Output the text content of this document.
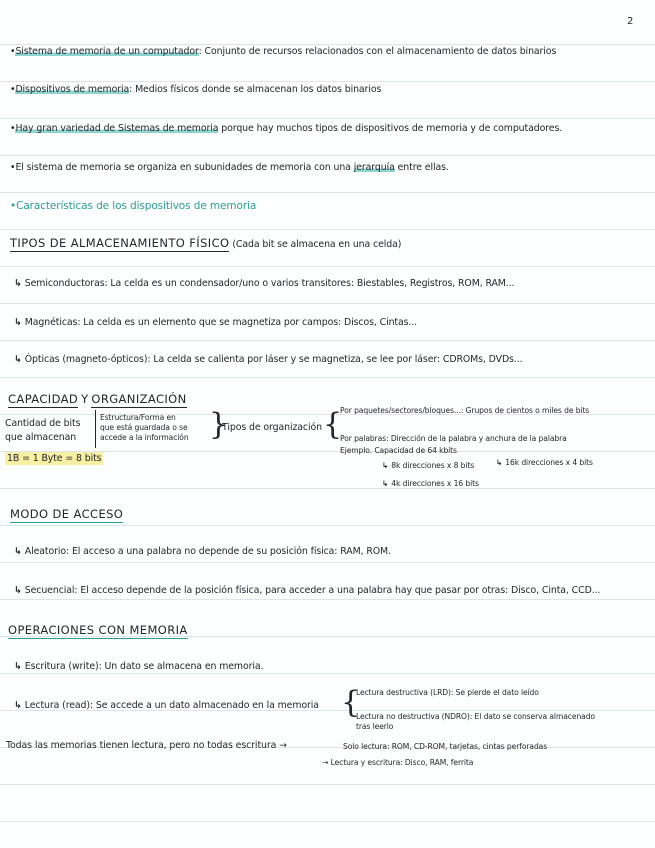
2
•Sistema de memoria de un computador: Conjunto de recursos relacionados con el almacenamiento de datos binarios
•Dispositivos de memoria: Medios físicos donde se almacenan los datos binarios
•Hay gran variedad de Sistemas de memoria porque hay muchos tipos de dispositivos de memoria y de computadores.
•El sistema de memoria se organiza en subunidades de memoria con una jerarquía entre ellas.
•Características de los dispositivos de memoria
TIPOS DE ALMACENAMIENTO FÍSICO (Cada bit se almacena en una celda)
↳ Semiconductoras: La celda es un condensador/uno o varios transitores: Biestables, Registros, ROM, RAM...
↳ Magnéticas: La celda es un elemento que se magnetiza por campos: Discos, Cintas...
↳ Ópticas (magneto-ópticos): La celda se calienta por láser y se magnetiza, se lee por láser: CDROMs, DVDs...
CAPACIDAD Y ORGANIZACIÓN
Cantidad de bits
que almacenan
Estructura/Forma en
que está guardada o se
accede a la información }
Tipos de organización {
1B = 1 Byte = 8 bits
Por paquetes/sectores/bloques...: Grupos de cientos o miles de bits
Por palabras: Dirección de la palabra y anchura de la palabra
Ejemplo. Capacidad de 64 kbits
↳ 8k direcciones x 8 bits	↳ 16k direcciones x 4 bits
↳ 4k direcciones x 16 bits
MODO DE ACCESO
↳ Aleatorio: El acceso a una palabra no depende de su posición física: RAM, ROM.
↳ Secuencial: El acceso depende de la posición física, para acceder a una palabra hay que pasar por otras: Disco, Cinta, CCD...
OPERACIONES CON MEMORIA
↳ Escritura (write): Un dato se almacena en memoria.
↳ Lectura (read): Se accede a un dato almacenado en la memoria {
Lectura destructiva (LRD): Se pierde el dato leído
Lectura no destructiva (NDRO): El dato se conserva almacenado
tras leerlo
Todas las memorias tienen lectura, pero no todas escritura →	Solo lectura: ROM, CD-ROM, tarjetas, cintas perforadas
→ Lectura y escritura: Disco, RAM, ferrita
